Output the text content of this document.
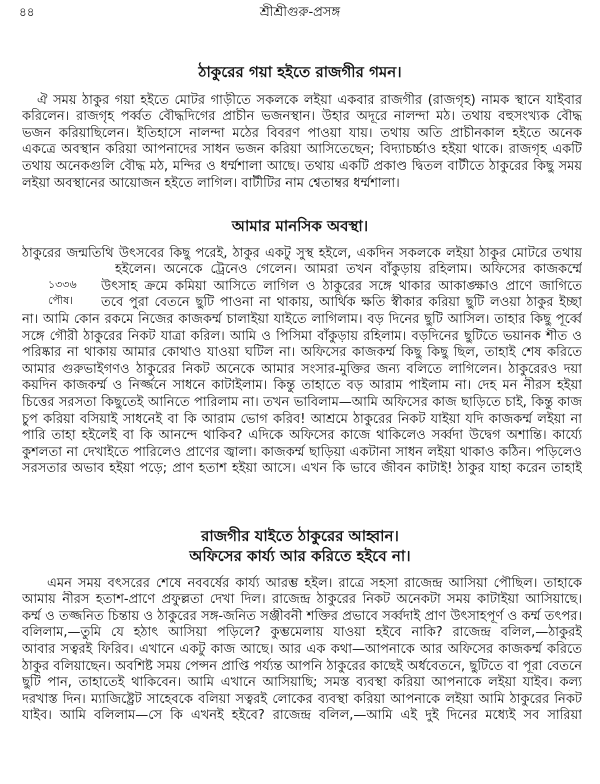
৪৪	শ্রীশ্রীগুরু-প্রসঙ্গ
ঠাকুরের গয়া হইতে রাজগীর গমন।
আমার মানসিক অবস্থা।
রাজগীর যাইতে ঠাকুরের আহ্বান।
অফিসের কার্য্য আর করিতে হইবে না।
১৩৩৬
পৌষ।
ঐ সময় ঠাকুর গয়া হইতে মোটর গাড়ীতে সকলকে লইয়া একবার রাজগীর (রাজগৃহ) নামক স্থানে যাইবার
করিলেন। রাজগৃহ পর্ব্বত বৌদ্ধদিগের প্রাচীন ভজনস্থান। উহার অদূরে নালন্দা মঠ। তথায় বহুসংখ্যক বৌদ্ধ
ভজন করিয়াছিলেন। ইতিহাসে নালন্দা মঠের বিবরণ পাওয়া যায়। তথায় অতি প্রাচীনকাল হইতে অনেক
একত্রে অবস্থান করিয়া আপনাদের সাধন ভজন করিয়া আসিতেছেন; বিদ্যাচর্চ্চাও হইয়া থাকে। রাজগৃহ একটি
তথায় অনেকগুলি বৌদ্ধ মঠ, মন্দির ও ধর্ম্মশালা আছে। তথায় একটি প্রকাণ্ড দ্বিতল বাটীতে ঠাকুরের কিছু সময়
লইয়া অবস্থানের আয়োজন হইতে লাগিল। বাটীটির নাম শ্বেতাম্বর ধর্ম্মশালা।
ঠাকুরের জন্মতিথি উৎসবের কিছু পরেই, ঠাকুর একটু সুস্থ হইলে, একদিন সকলকে লইয়া ঠাকুর মোটরে তথায়
হইলেন। অনেকে ট্রেনেও গেলেন। আমরা তখন বাঁকুড়ায় রহিলাম। অফিসের কাজকর্ম্মে
উৎসাহ ক্রমে কমিয়া আসিতে লাগিল ও ঠাকুরের সঙ্গে থাকার আকাঙ্ক্ষাও প্রাণে জাগিতে
তবে পুরা বেতনে ছুটি পাওনা না থাকায়, আর্থিক ক্ষতি স্বীকার করিয়া ছুটি লওয়া ঠাকুর ইচ্ছা
না। আমি কোন রকমে নিজের কাজকর্ম্ম চালাইয়া যাইতে লাগিলাম। বড় দিনের ছুটি আসিল। তাহার কিছু পূর্ব্বে
সঙ্গে গৌরী ঠাকুরের নিকট যাত্রা করিল। আমি ও পিসিমা বাঁকুড়ায় রহিলাম। বড়দিনের ছুটিতে ভয়ানক শীত ও
পরিষ্কার না থাকায় আমার কোথাও যাওয়া ঘটিল না। অফিসের কাজকর্ম্ম কিছু কিছু ছিল, তাহাই শেষ করিতে
আমার গুরুভাইগণও ঠাকুরের নিকট অনেকে আমার সংসার-মুক্তির জন্য বলিতে লাগিলেন। ঠাকুরেরও দয়া
কয়দিন কাজকর্ম্ম ও নির্জ্জনে সাধনে কাটাইলাম। কিন্তু তাহাতে বড় আরাম পাইলাম না। দেহ মন নীরস হইয়া
চিত্তের সরসতা কিছুতেই আনিতে পারিলাম না। তখন ভাবিলাম—আমি অফিসের কাজ ছাড়িতে চাই, কিন্তু কাজ
চুপ করিয়া বসিয়াই সাধনেই বা কি আরাম ভোগ করিব! আশ্রমে ঠাকুরের নিকট যাইয়া যদি কাজকর্ম্ম লইয়া না
পারি তাহা হইলেই বা কি আনন্দে থাকিব? এদিকে অফিসের কাজে থাকিলেও সর্ব্বদা উদ্বেগ অশান্তি। কার্য্যে
কুশলতা না দেখাইতে পারিলেও প্রাণের জ্বালা। কাজকর্ম্ম ছাড়িয়া একটানা সাধন লইয়া থাকাও কঠিন। পড়িলেও
সরসতার অভাব হইয়া পড়ে; প্রাণ হতাশ হইয়া আসে। এখন কি ভাবে জীবন কাটাই! ঠাকুর যাহা করেন তাহাই
এমন সময় বৎসরের শেষে নববর্ষের কার্য্য আরম্ভ হইল। রাত্রে সহসা রাজেন্দ্র আসিয়া পৌছিল। তাহাকে
আমায় নীরস হতাশ-প্রাণে প্রফুল্লতা দেখা দিল। রাজেন্দ্র ঠাকুরের নিকট অনেকটা সময় কাটাইয়া আসিয়াছে।
কর্ম্ম ও তজ্জনিত চিন্তায় ও ঠাকুরের সঙ্গ-জনিত সঞ্জীবনী শক্তির প্রভাবে সর্ব্বদাই প্রাণ উৎসাহপূর্ণ ও কর্ম্ম তৎপর।
বলিলাম,—তুমি যে হঠাৎ আসিয়া পড়িলে? কুম্ভমেলায় যাওয়া হইবে নাকি? রাজেন্দ্র বলিল,—ঠাকুরই
আবার সত্বরই ফিরিব। এখানে একটু কাজ আছে। আর এক কথা—আপনাকে আর অফিসের কাজকর্ম্ম করিতে
ঠাকুর বলিয়াছেন। অবশিষ্ট সময় পেন্সন প্রাপ্তি পর্য্যন্ত আপনি ঠাকুরের কাছেই অর্ধবেতনে, ছুটিতে বা পূরা বেতনে
ছুটি পান, তাহাতেই থাকিবেন। আমি এখানে আসিয়াছি; সমস্ত ব্যবস্থা করিয়া আপনাকে লইয়া যাইব। কল্য
দরখাস্ত দিন। ম্যাজিষ্ট্রেট সাহেবকে বলিয়া সত্বরই লোকের ব্যবস্থা করিয়া আপনাকে লইয়া আমি ঠাকুরের নিকট
যাইব। আমি বলিলাম—সে কি এখনই হইবে? রাজেন্দ্র বলিল,—আমি এই দুই দিনের মধ্যেই সব সারিয়া
